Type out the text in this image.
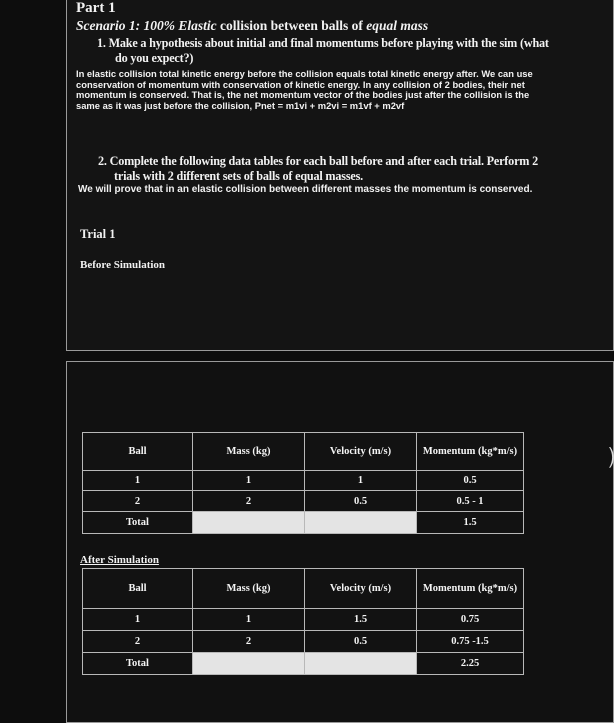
Part 1
Scenario 1: 100% Elastic collision between balls of equal mass
1. Make a hypothesis about initial and final momentums before playing with the sim (what
do you expect?)
In elastic collision total kinetic energy before the collision equals total kinetic energy after. We can use conservation of momentum with conservation of kinetic energy. In any collision of 2 bodies, their net momentum is conserved. That is, the net momentum vector of the bodies just after the collision is the same as it was just before the collision, Pnet = m1vi + m2vi = m1vf + m2vf
2. Complete the following data tables for each ball before and after each trial. Perform 2
trials with 2 different sets of balls of equal masses.
We will prove that in an elastic collision between different masses the momentum is conserved.
Trial 1
Before Simulation
Ball	Mass (kg)	Velocity (m/s)	Momentum (kg*m/s)
1	1	1	0.5
2	2	0.5	0.5 - 1
Total			1.5
After Simulation
Ball	Mass (kg)	Velocity (m/s)	Momentum (kg*m/s)
1	1	1.5	0.75
2	2	0.5	0.75 -1.5
Total			2.25
⏜
